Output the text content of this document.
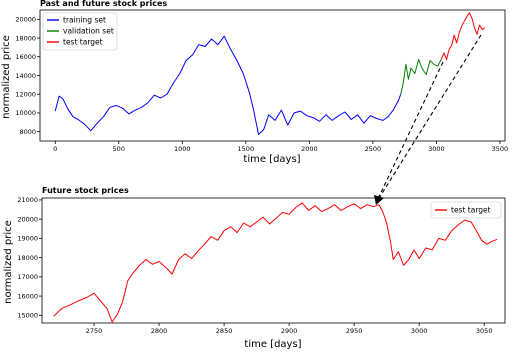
Past and future stock prices
0	500	1000	1500	2000	2500	3000	3500
8000
10000
12000
14000
16000
18000
20000
time [days]
normalized price
training set
validation set
test target
Future stock prices
2750	2800	2850	2900	2950	3000	3050
15000
16000
17000
18000
19000
20000
21000
time [days]
normalized price
test target
